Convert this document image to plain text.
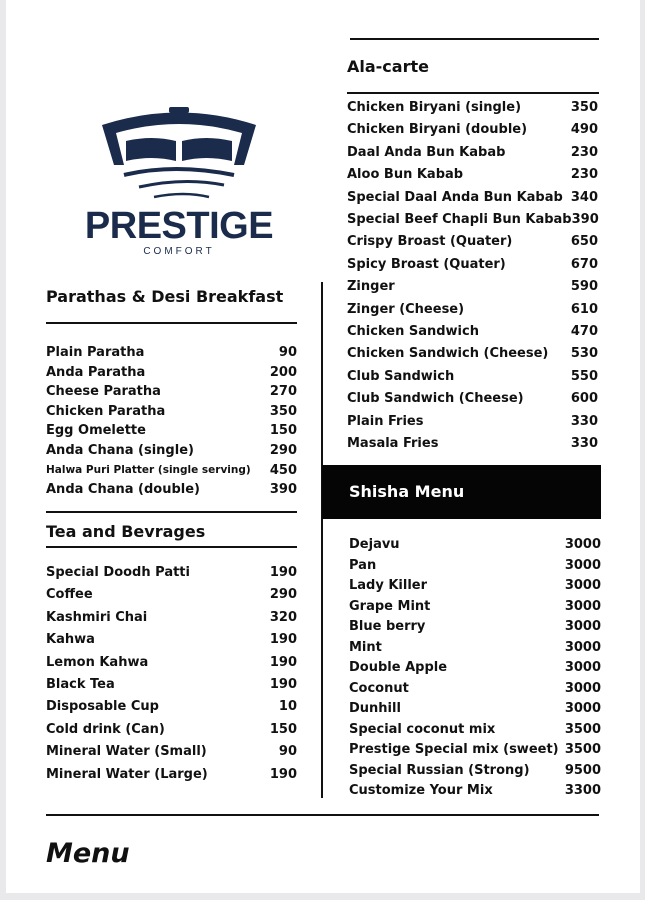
PRESTIGE
COMFORT
Parathas & Desi Breakfast
Plain Paratha	90
Anda Paratha	200
Cheese Paratha	270
Chicken Paratha	350
Egg Omelette	150
Anda Chana (single)	290
Halwa Puri Platter (single serving) 450
Anda Chana (double)	390
Tea and Bevrages
Special Doodh Patti	190
Coffee	290
Kashmiri Chai	320
Kahwa	190
Lemon Kahwa	190
Black Tea	190
Disposable Cup	10
Cold drink (Can)	150
Mineral Water (Small)	90
Mineral Water (Large)	190
Ala-carte
Chicken Biryani (single)	350
Chicken Biryani (double)	490
Daal Anda Bun Kabab	230
Aloo Bun Kabab	230
Special Daal Anda Bun Kabab 340
Special Beef Chapli Bun Kabab 390
Crispy Broast (Quater)	650
Spicy Broast (Quater)	670
Zinger	590
Zinger (Cheese)	610
Chicken Sandwich	470
Chicken Sandwich (Cheese) 530
Club Sandwich	550
Club Sandwich (Cheese)	600
Plain Fries	330
Masala Fries	330
Shisha Menu
Dejavu	3000
Pan	3000
Lady Killer	3000
Grape Mint	3000
Blue berry	3000
Mint	3000
Double Apple	3000
Coconut	3000
Dunhill	3000
Special coconut mix	3500
Prestige Special mix (sweet) 3500
Special Russian (Strong)	9500
Customize Your Mix	3300
Menu
